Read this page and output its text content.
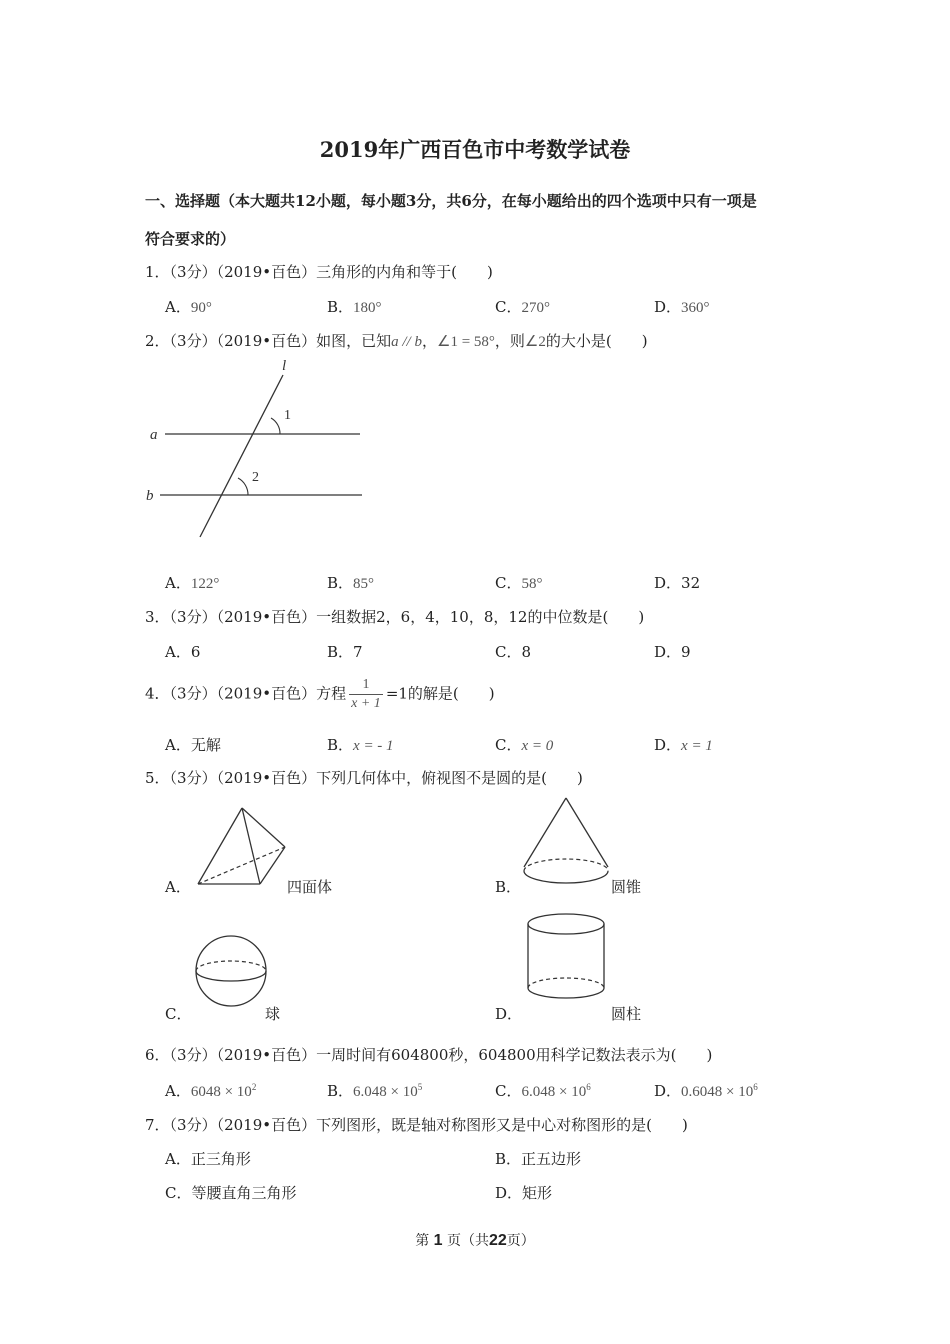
2019年广西百色市中考数学试卷
一、选择题（本大题共12小题，每小题3分，共6分，在每小题给出的四个选项中只有一项是
符合要求的）
1．（3分）（2019•百色）三角形的内角和等于(　　)
A．90°	B．180°	C．270°	D．360°
2．（3分）（2019•百色）如图，已知a // b，∠1 = 58°，则∠2的大小是(　　)
l
a
b
1
2
A．122°	B．85°	C．58°	D．32
3．（3分）（2019•百色）一组数据2，6，4，10，8，12的中位数是(　　)
A．6	B．7	C．8	D．9
4．（3分）（2019•百色）方程 $\frac{1}{x + 1} =1$的解是(　　)
A．无解	B．x = - 1	C．x = 0	D．x = 1
5．（3分）（2019•百色）下列几何体中，俯视图不是圆的是(　　)
A．	四面体	B．	圆锥
C．	球	D．	圆柱
6．（3分）（2019•百色）一周时间有604800秒，604800用科学记数法表示为(　　)
A．$6048 \times 10^2$	B．$6.048 \times 10^5$	C．$6.048 \times 10^6$	D．$0.6048 \times 10^6$
7．（3分）（2019•百色）下列图形，既是轴对称图形又是中心对称图形的是(　　)
A．正三角形	B．正五边形
C．等腰直角三角形	D．矩形
第 1 页（共22页）
